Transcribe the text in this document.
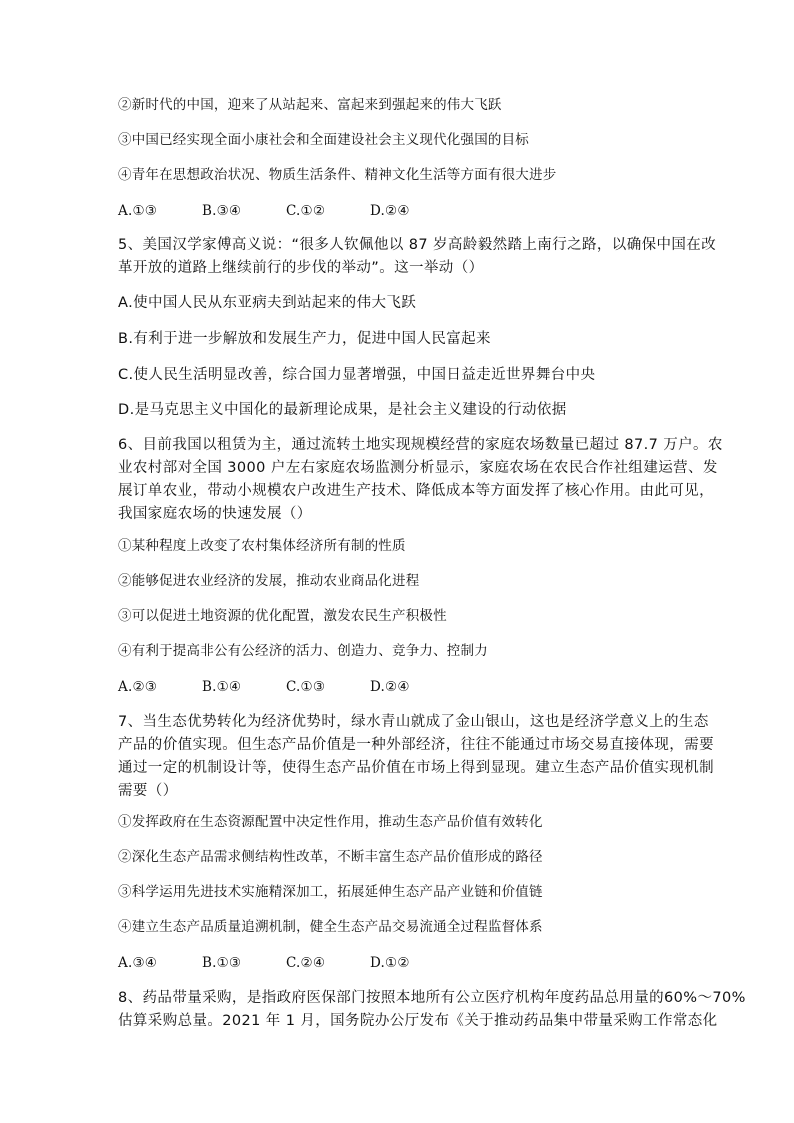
②新时代的中国，迎来了从站起来、富起来到强起来的伟大飞跃
③中国已经实现全面小康社会和全面建设社会主义现代化强国的目标
④青年在思想政治状况、物质生活条件、精神文化生活等方面有很大进步
A.①③	B.③④	C.①②	D.②④
5、美国汉学家傅高义说：“很多人钦佩他以 87 岁高龄毅然踏上南行之路，以确保中国在改
革开放的道路上继续前行的步伐的举动”。这一举动（）
A.使中国人民从东亚病夫到站起来的伟大飞跃
B.有利于进一步解放和发展生产力，促进中国人民富起来
C.使人民生活明显改善，综合国力显著增强，中国日益走近世界舞台中央
D.是马克思主义中国化的最新理论成果，是社会主义建设的行动依据
6、目前我国以租赁为主，通过流转土地实现规模经营的家庭农场数量已超过 87.7 万户。农
业农村部对全国 3000 户左右家庭农场监测分析显示，家庭农场在农民合作社组建运营、发
展订单农业，带动小规模农户改进生产技术、降低成本等方面发挥了核心作用。由此可见，
我国家庭农场的快速发展（）
①某种程度上改变了农村集体经济所有制的性质
②能够促进农业经济的发展，推动农业商品化进程
③可以促进土地资源的优化配置，激发农民生产积极性
④有利于提高非公有公经济的活力、创造力、竞争力、控制力
A.②③	B.①④	C.①③	D.②④
7、当生态优势转化为经济优势时，绿水青山就成了金山银山，这也是经济学意义上的生态
产品的价值实现。但生态产品价值是一种外部经济，往往不能通过市场交易直接体现，需要
通过一定的机制设计等，使得生态产品价值在市场上得到显现。建立生态产品价值实现机制
需要（）
①发挥政府在生态资源配置中决定性作用，推动生态产品价值有效转化
②深化生态产品需求侧结构性改革，不断丰富生态产品价值形成的路径
③科学运用先进技术实施精深加工，拓展延伸生态产品产业链和价值链
④建立生态产品质量追溯机制，健全生态产品交易流通全过程监督体系
A.③④	B.①③	C.②④	D.①②
8、药品带量采购，是指政府医保部门按照本地所有公立医疗机构年度药品总用量的60%～70%
估算采购总量。2021 年 1 月，国务院办公厅发布《关于推动药品集中带量采购工作常态化
